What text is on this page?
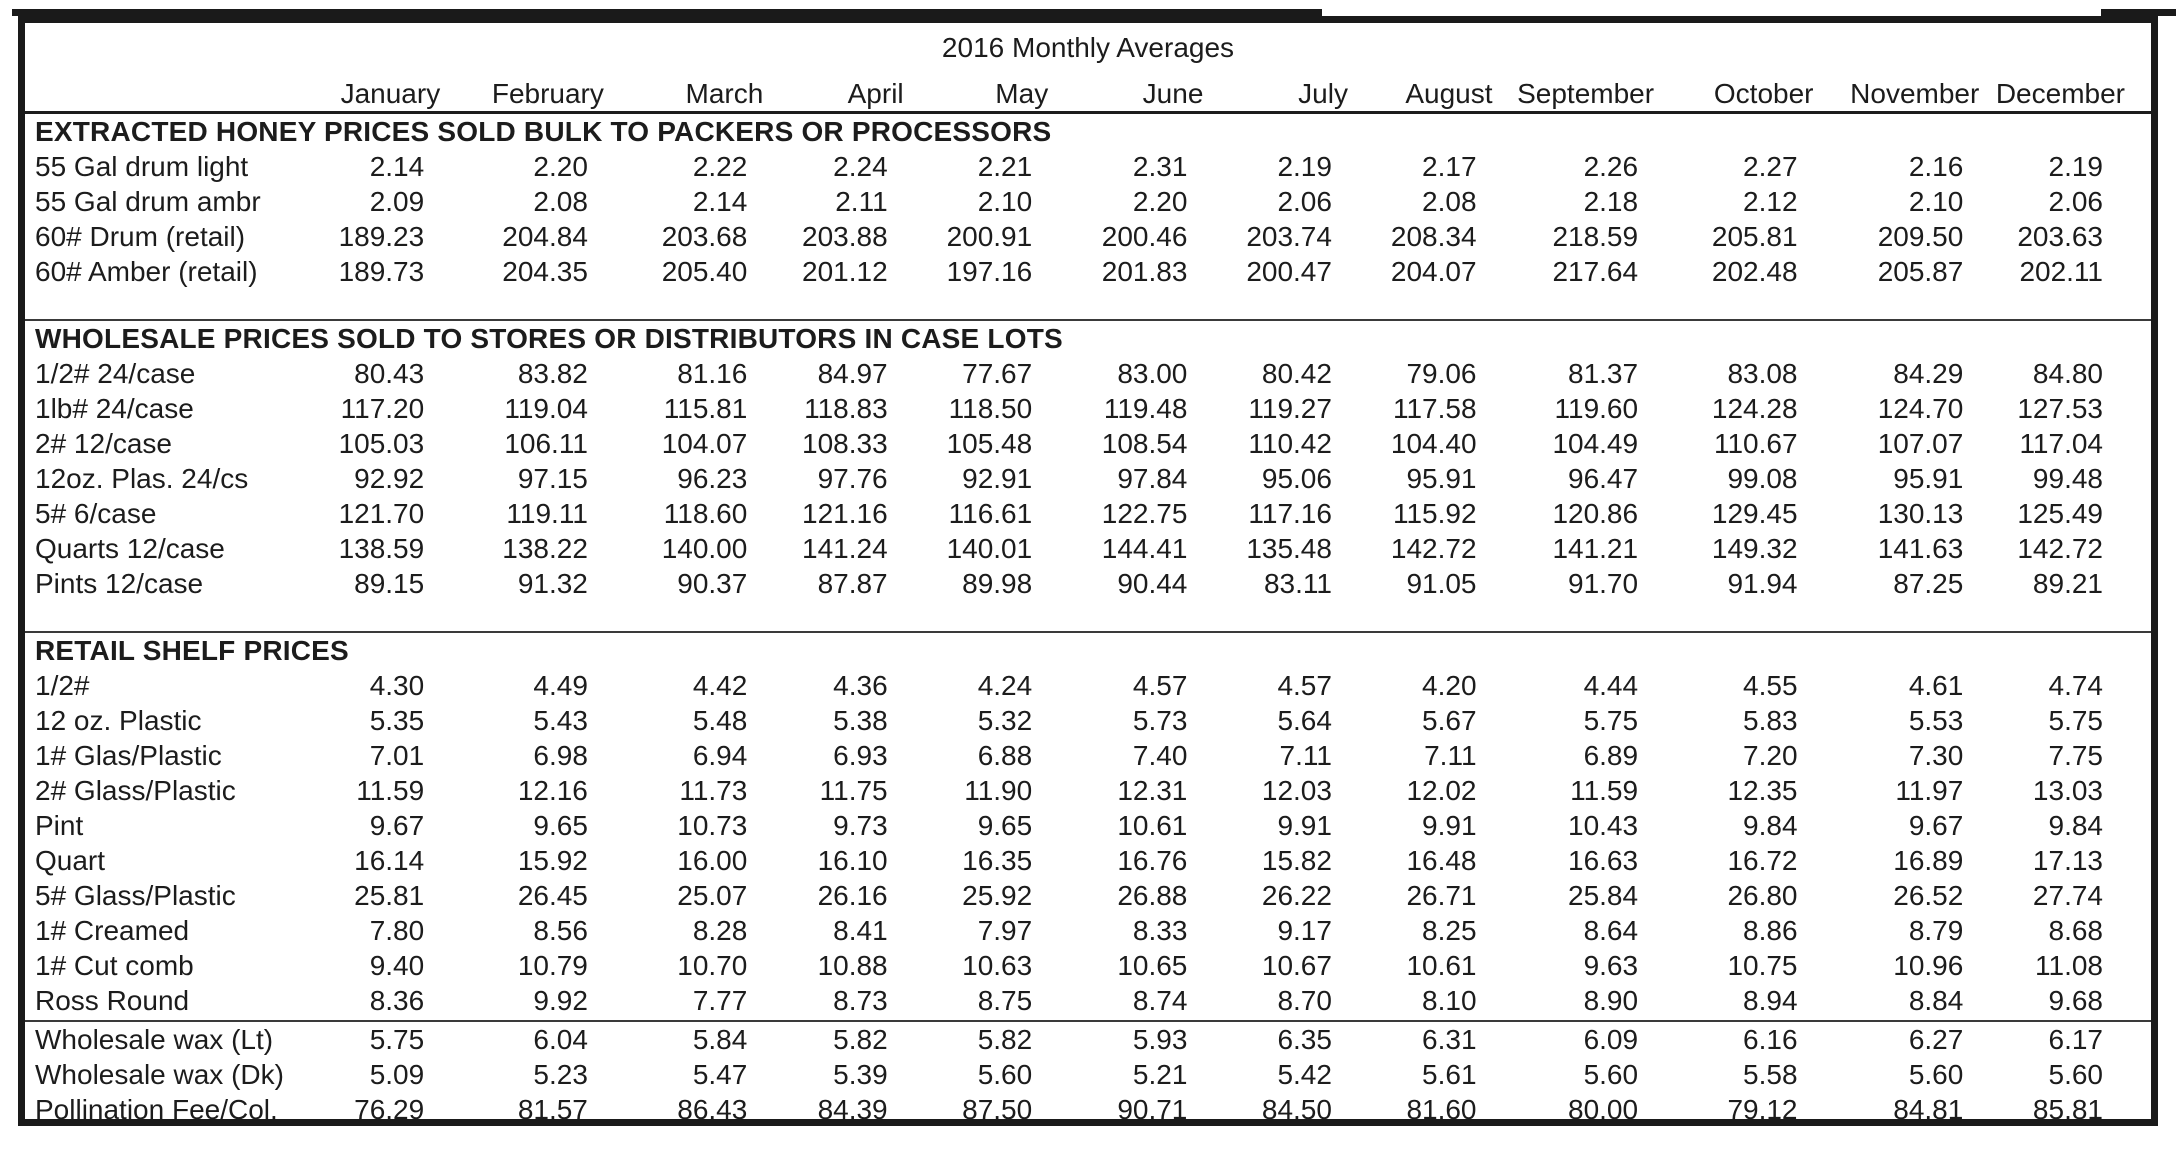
2016 Monthly Averages												
	January	February	March	April	May	June	July	August	September	October	November	December
EXTRACTED HONEY PRICES SOLD BULK TO PACKERS OR PROCESSORS												
55 Gal drum light	2.14	2.20	2.22	2.24	2.21	2.31	2.19	2.17	2.26	2.27	2.16	2.19
55 Gal drum ambr	2.09	2.08	2.14	2.11	2.10	2.20	2.06	2.08	2.18	2.12	2.10	2.06
60# Drum (retail)	189.23	204.84	203.68	203.88	200.91	200.46	203.74	208.34	218.59	205.81	209.50	203.63
60# Amber (retail)	189.73	204.35	205.40	201.12	197.16	201.83	200.47	204.07	217.64	202.48	205.87	202.11

WHOLESALE PRICES SOLD TO STORES OR DISTRIBUTORS IN CASE LOTS												
1/2# 24/case	80.43	83.82	81.16	84.97	77.67	83.00	80.42	79.06	81.37	83.08	84.29	84.80
1lb# 24/case	117.20	119.04	115.81	118.83	118.50	119.48	119.27	117.58	119.60	124.28	124.70	127.53
2# 12/case	105.03	106.11	104.07	108.33	105.48	108.54	110.42	104.40	104.49	110.67	107.07	117.04
12oz. Plas. 24/cs	92.92	97.15	96.23	97.76	92.91	97.84	95.06	95.91	96.47	99.08	95.91	99.48
5# 6/case	121.70	119.11	118.60	121.16	116.61	122.75	117.16	115.92	120.86	129.45	130.13	125.49
Quarts 12/case	138.59	138.22	140.00	141.24	140.01	144.41	135.48	142.72	141.21	149.32	141.63	142.72
Pints 12/case	89.15	91.32	90.37	87.87	89.98	90.44	83.11	91.05	91.70	91.94	87.25	89.21

RETAIL SHELF PRICES												
1/2#	4.30	4.49	4.42	4.36	4.24	4.57	4.57	4.20	4.44	4.55	4.61	4.74
12 oz. Plastic	5.35	5.43	5.48	5.38	5.32	5.73	5.64	5.67	5.75	5.83	5.53	5.75
1# Glas/Plastic	7.01	6.98	6.94	6.93	6.88	7.40	7.11	7.11	6.89	7.20	7.30	7.75
2# Glass/Plastic	11.59	12.16	11.73	11.75	11.90	12.31	12.03	12.02	11.59	12.35	11.97	13.03
Pint	9.67	9.65	10.73	9.73	9.65	10.61	9.91	9.91	10.43	9.84	9.67	9.84
Quart	16.14	15.92	16.00	16.10	16.35	16.76	15.82	16.48	16.63	16.72	16.89	17.13
5# Glass/Plastic	25.81	26.45	25.07	26.16	25.92	26.88	26.22	26.71	25.84	26.80	26.52	27.74
1# Creamed	7.80	8.56	8.28	8.41	7.97	8.33	9.17	8.25	8.64	8.86	8.79	8.68
1# Cut comb	9.40	10.79	10.70	10.88	10.63	10.65	10.67	10.61	9.63	10.75	10.96	11.08
Ross Round	8.36	9.92	7.77	8.73	8.75	8.74	8.70	8.10	8.90	8.94	8.84	9.68

Wholesale wax (Lt)	5.75	6.04	5.84	5.82	5.82	5.93	6.35	6.31	6.09	6.16	6.27	6.17
Wholesale wax (Dk)	5.09	5.23	5.47	5.39	5.60	5.21	5.42	5.61	5.60	5.58	5.60	5.60
Pollination Fee/Col.	76.29	81.57	86.43	84.39	87.50	90.71	84.50	81.60	80.00	79.12	84.81	85.81
